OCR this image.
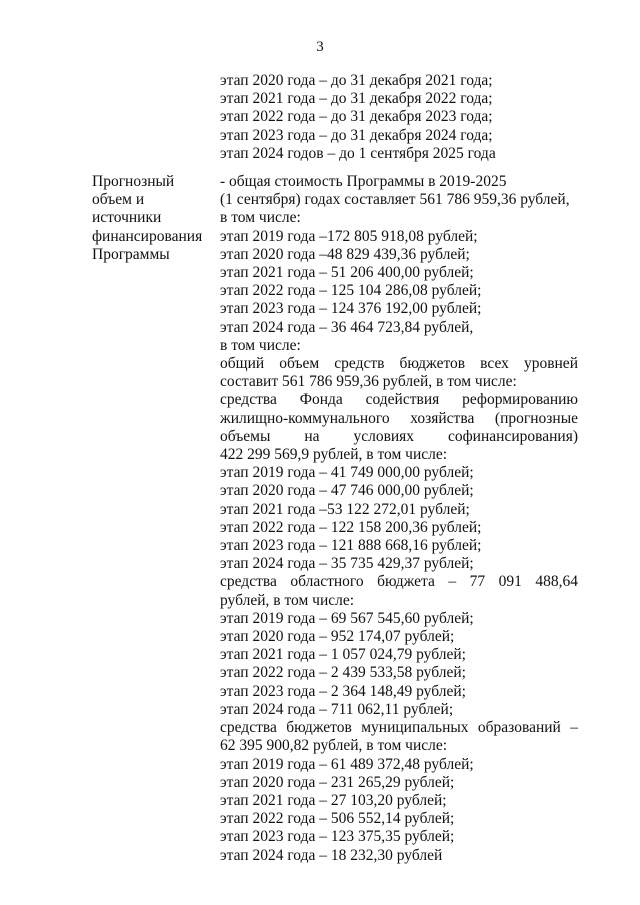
3
этап 2020 года – до 31 декабря 2021 года;
этап 2021 года – до 31 декабря 2022 года;
этап 2022 года – до 31 декабря 2023 года;
этап 2023 года – до 31 декабря 2024 года;
этап 2024 годов – до 1 сентября 2025 года
Прогнозный
объем и
источники
финансирования
Программы
- общая стоимость Программы в 2019-2025
(1 сентября) годах составляет 561 786 959,36 рублей,
в том числе:
этап 2019 года –172 805 918,08 рублей;
этап 2020 года –48 829 439,36 рублей;
этап 2021 года – 51 206 400,00 рублей;
этап 2022 года – 125 104 286,08 рублей;
этап 2023 года – 124 376 192,00 рублей;
этап 2024 года – 36 464 723,84 рублей,
в том числе:
общий объем средств бюджетов всех уровней
составит 561 786 959,36 рублей, в том числе:
средства Фонда содействия реформированию
жилищно-коммунального хозяйства (прогнозные
объемы на условиях софинансирования)
422 299 569,9 рублей, в том числе:
этап 2019 года – 41 749 000,00 рублей;
этап 2020 года – 47 746 000,00 рублей;
этап 2021 года –53 122 272,01 рублей;
этап 2022 года – 122 158 200,36 рублей;
этап 2023 года – 121 888 668,16 рублей;
этап 2024 года – 35 735 429,37 рублей;
средства областного бюджета – 77 091 488,64
рублей, в том числе:
этап 2019 года – 69 567 545,60 рублей;
этап 2020 года – 952 174,07 рублей;
этап 2021 года – 1 057 024,79 рублей;
этап 2022 года – 2 439 533,58 рублей;
этап 2023 года – 2 364 148,49 рублей;
этап 2024 года – 711 062,11 рублей;
средства бюджетов муниципальных образований –
62 395 900,82 рублей, в том числе:
этап 2019 года – 61 489 372,48 рублей;
этап 2020 года – 231 265,29 рублей;
этап 2021 года – 27 103,20 рублей;
этап 2022 года – 506 552,14 рублей;
этап 2023 года – 123 375,35 рублей;
этап 2024 года – 18 232,30 рублей
